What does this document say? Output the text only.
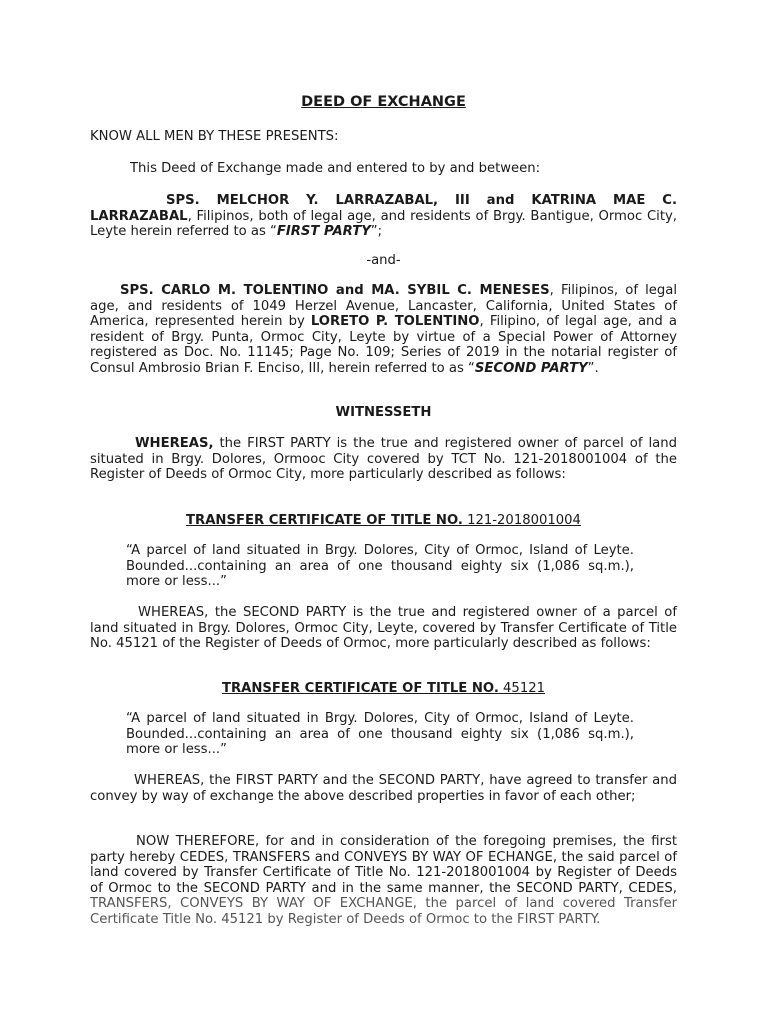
DEED OF EXCHANGE

KNOW ALL MEN BY THESE PRESENTS:

This Deed of Exchange made and entered to by and between:

SPS. MELCHOR Y. LARRAZABAL, III and KATRINA MAE C. LARRAZABAL, Filipinos, both of legal age, and residents of Brgy. Bantigue, Ormoc City, Leyte herein referred to as “FIRST PARTY”;

-and-

SPS. CARLO M. TOLENTINO and MA. SYBIL C. MENESES, Filipinos, of legal age, and residents of 1049 Herzel Avenue, Lancaster, California, United States of America, represented herein by LORETO P. TOLENTINO, Filipino, of legal age, and a resident of Brgy. Punta, Ormoc City, Leyte by virtue of a Special Power of Attorney registered as Doc. No. 11145; Page No. 109; Series of 2019 in the notarial register of Consul Ambrosio Brian F. Enciso, III, herein referred to as “SECOND PARTY”.

WITNESSETH

WHEREAS, the FIRST PARTY is the true and registered owner of parcel of land situated in Brgy. Dolores, Ormooc City covered by TCT No. 121-2018001004 of the Register of Deeds of Ormoc City, more particularly described as follows:

TRANSFER CERTIFICATE OF TITLE NO. 121-2018001004

“A parcel of land situated in Brgy. Dolores, City of Ormoc, Island of Leyte. Bounded...containing an area of one thousand eighty six (1,086 sq.m.), more or less...”

WHEREAS, the SECOND PARTY is the true and registered owner of a parcel of land situated in Brgy. Dolores, Ormoc City, Leyte, covered by Transfer Certificate of Title No. 45121 of the Register of Deeds of Ormoc, more particularly described as follows:

TRANSFER CERTIFICATE OF TITLE NO. 45121

“A parcel of land situated in Brgy. Dolores, City of Ormoc, Island of Leyte. Bounded...containing an area of one thousand eighty six (1,086 sq.m.), more or less...”

WHEREAS, the FIRST PARTY and the SECOND PARTY, have agreed to transfer and convey by way of exchange the above described properties in favor of each other;

NOW THEREFORE, for and in consideration of the foregoing premises, the first party hereby CEDES, TRANSFERS and CONVEYS BY WAY OF ECHANGE, the said parcel of land covered by Transfer Certificate of Title No. 121-2018001004 by Register of Deeds of Ormoc to the SECOND PARTY and in the same manner, the SECOND PARTY, CEDES, TRANSFERS, CONVEYS BY WAY OF EXCHANGE, the parcel of land covered Transfer Certificate Title No. 45121 by Register of Deeds of Ormoc to the FIRST PARTY.
